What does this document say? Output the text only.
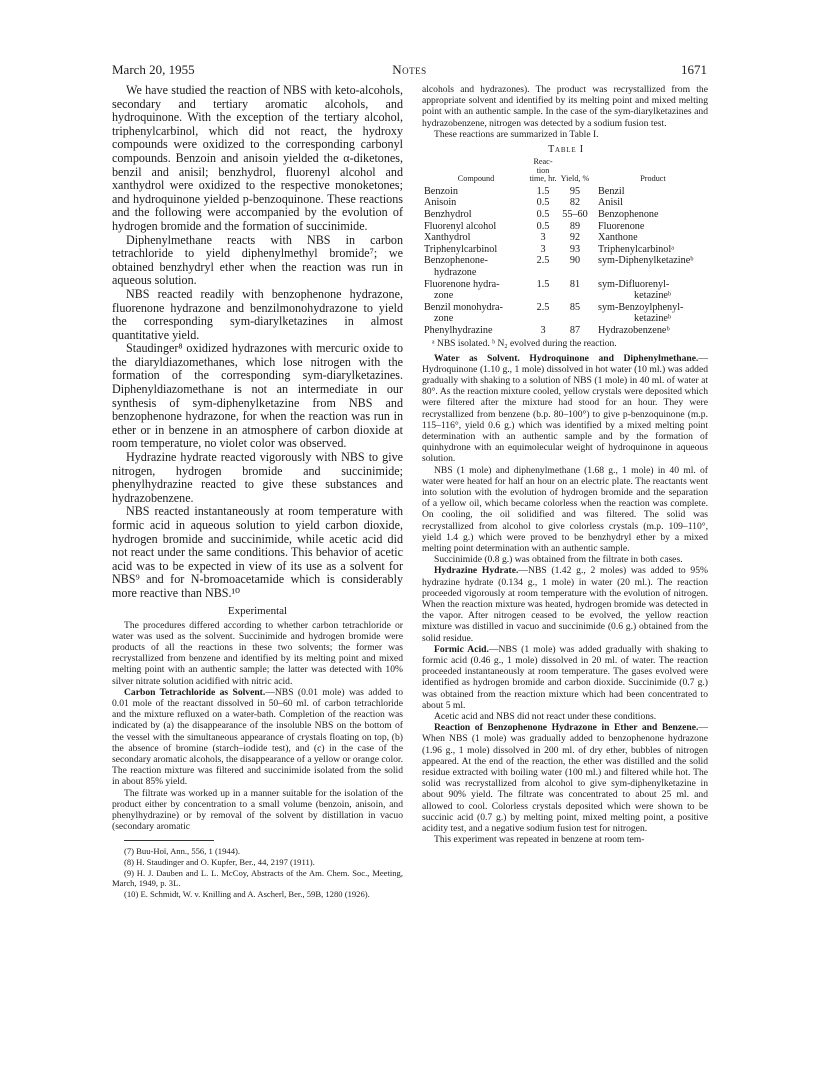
March 20, 1955	Notes	1671

We have studied the reaction of NBS with keto-alcohols, secondary and tertiary aromatic alcohols, and hydroquinone. With the exception of the tertiary alcohol, triphenylcarbinol, which did not react, the hydroxy compounds were oxidized to the corresponding carbonyl compounds. Benzoin and anisoin yielded the α-diketones, benzil and anisil; benzhydrol, fluorenyl alcohol and xanthydrol were oxidized to the respective monoketones; and hydroquinone yielded p-benzoquinone. These reactions and the following were accompanied by the evolution of hydrogen bromide and the formation of succinimide.

Diphenylmethane reacts with NBS in carbon tetrachloride to yield diphenylmethyl bromide⁷; we obtained benzhydryl ether when the reaction was run in aqueous solution.

NBS reacted readily with benzophenone hydrazone, fluorenone hydrazone and benzilmonohydrazone to yield the corresponding sym-diarylketazines in almost quantitative yield.

Staudinger⁸ oxidized hydrazones with mercuric oxide to the diaryldiazomethanes, which lose nitrogen with the formation of the corresponding sym-diarylketazines. Diphenyldiazomethane is not an intermediate in our synthesis of sym-diphenylketazine from NBS and benzophenone hydrazone, for when the reaction was run in ether or in benzene in an atmosphere of carbon dioxide at room temperature, no violet color was observed.

Hydrazine hydrate reacted vigorously with NBS to give nitrogen, hydrogen bromide and succinimide; phenylhydrazine reacted to give these substances and hydrazobenzene.

NBS reacted instantaneously at room temperature with formic acid in aqueous solution to yield carbon dioxide, hydrogen bromide and succinimide, while acetic acid did not react under the same conditions. This behavior of acetic acid was to be expected in view of its use as a solvent for NBS⁹ and for N-bromoacetamide which is considerably more reactive than NBS.¹⁰

Experimental

The procedures differed according to whether carbon tetrachloride or water was used as the solvent. Succinimide and hydrogen bromide were products of all the reactions in these two solvents; the former was recrystallized from benzene and identified by its melting point and mixed melting point with an authentic sample; the latter was detected with 10% silver nitrate solution acidified with nitric acid.

Carbon Tetrachloride as Solvent.—NBS (0.01 mole) was added to 0.01 mole of the reactant dissolved in 50–60 ml. of carbon tetrachloride and the mixture refluxed on a water-bath. Completion of the reaction was indicated by (a) the disappearance of the insoluble NBS on the bottom of the vessel with the simultaneous appearance of crystals floating on top, (b) the absence of bromine (starch–iodide test), and (c) in the case of the secondary aromatic alcohols, the disappearance of a yellow or orange color. The reaction mixture was filtered and succinimide isolated from the solid in about 85% yield.

The filtrate was worked up in a manner suitable for the isolation of the product either by concentration to a small volume (benzoin, anisoin, and phenylhydrazine) or by removal of the solvent by distillation in vacuo (secondary aromatic

(7) Buu-Hoï, Ann., 556, 1 (1944).
(8) H. Staudinger and O. Kupfer, Ber., 44, 2197 (1911).
(9) H. J. Dauben and L. L. McCoy, Abstracts of the Am. Chem. Soc., Meeting, March, 1949, p. 3L.
(10) E. Schmidt, W. v. Knilling and A. Ascherl, Ber., 59B, 1280 (1926).

alcohols and hydrazones). The product was recrystallized from the appropriate solvent and identified by its melting point and mixed melting point with an authentic sample. In the case of the sym-diarylketazines and hydrazobenzene, nitrogen was detected by a sodium fusion test.

These reactions are summarized in Table I.

Table I
Compound	Reac- tion time, hr.	Yield, %	Product
Benzoin	1.5	95	Benzil
Anisoin	0.5	82	Anisil
Benzhydrol	0.5	55–60	Benzophenone
Fluorenyl alcohol	0.5	89	Fluorenone
Xanthydrol	3	92	Xanthone
Triphenylcarbinol	3	93	Triphenylcarbinolᵃ
Benzophenone-
hydrazone	2.5	90	sym-Diphenylketazineᵇ
Fluorenone hydra-
zone	1.5	81	sym-Difluorenyl-
ketazineᵇ
Benzil monohydra-
zone	2.5	85	sym-Benzoylphenyl-
ketazineᵇ
Phenylhydrazine	3	87	Hydrazobenzeneᵇ
ᵃ NBS isolated. ᵇ N₂ evolved during the reaction.

Water as Solvent. Hydroquinone and Diphenylmethane.—Hydroquinone (1.10 g., 1 mole) dissolved in hot water (10 ml.) was added gradually with shaking to a solution of NBS (1 mole) in 40 ml. of water at 80°. As the reaction mixture cooled, yellow crystals were deposited which were filtered after the mixture had stood for an hour. They were recrystallized from benzene (b.p. 80–100°) to give p-benzoquinone (m.p. 115–116°, yield 0.6 g.) which was identified by a mixed melting point determination with an authentic sample and by the formation of quinhydrone with an equimolecular weight of hydroquinone in aqueous solution.

NBS (1 mole) and diphenylmethane (1.68 g., 1 mole) in 40 ml. of water were heated for half an hour on an electric plate. The reactants went into solution with the evolution of hydrogen bromide and the separation of a yellow oil, which became colorless when the reaction was complete. On cooling, the oil solidified and was filtered. The solid was recrystallized from alcohol to give colorless crystals (m.p. 109–110°, yield 1.4 g.) which were proved to be benzhydryl ether by a mixed melting point determination with an authentic sample.

Succinimide (0.8 g.) was obtained from the filtrate in both cases.

Hydrazine Hydrate.—NBS (1.42 g., 2 moles) was added to 95% hydrazine hydrate (0.134 g., 1 mole) in water (20 ml.). The reaction proceeded vigorously at room temperature with the evolution of nitrogen. When the reaction mixture was heated, hydrogen bromide was detected in the vapor. After nitrogen ceased to be evolved, the yellow reaction mixture was distilled in vacuo and succinimide (0.6 g.) obtained from the solid residue.

Formic Acid.—NBS (1 mole) was added gradually with shaking to formic acid (0.46 g., 1 mole) dissolved in 20 ml. of water. The reaction proceeded instantaneously at room temperature. The gases evolved were identified as hydrogen bromide and carbon dioxide. Succinimide (0.7 g.) was obtained from the reaction mixture which had been concentrated to about 5 ml.

Acetic acid and NBS did not react under these conditions.

Reaction of Benzophenone Hydrazone in Ether and Benzene.—When NBS (1 mole) was gradually added to benzophenone hydrazone (1.96 g., 1 mole) dissolved in 200 ml. of dry ether, bubbles of nitrogen appeared. At the end of the reaction, the ether was distilled and the solid residue extracted with boiling water (100 ml.) and filtered while hot. The solid was recrystallized from alcohol to give sym-diphenylketazine in about 90% yield. The filtrate was concentrated to about 25 ml. and allowed to cool. Colorless crystals deposited which were shown to be succinic acid (0.7 g.) by melting point, mixed melting point, a positive acidity test, and a negative sodium fusion test for nitrogen.

This experiment was repeated in benzene at room tem-
